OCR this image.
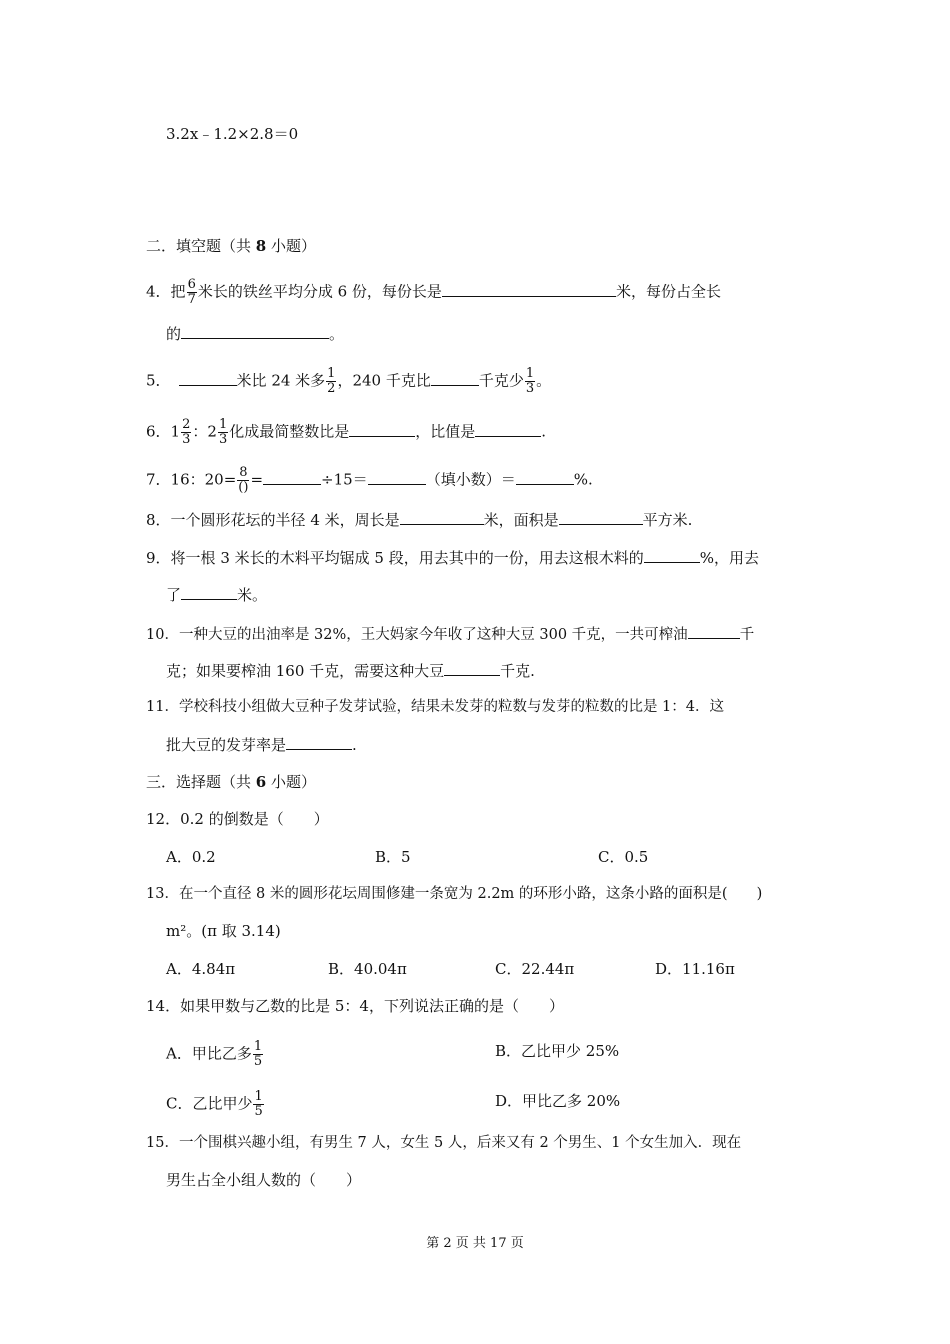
3.2x﹣1.2×2.8＝0
二．填空题（共 8 小题）
4．把 $\frac{6}{7}$ 米长的铁丝平均分成 6 份，每份长是	米，每份占全长
的	。
5．	米比 24 米多 $\frac{1}{2}$ ，240 千克比	千克少 $\frac{1}{3}$ 。
6．$1 \frac{2}{3}$ ：$2 \frac{1}{3}$ 化成最简整数比是	，比值是	.
7．16：$20= \frac{8}{()}$ =	÷15＝	（填小数）＝	%.
8．一个圆形花坛的半径 4 米，周长是	米，面积是	平方米.
9．将一根 3 米长的木料平均锯成 5 段，用去其中的一份，用去这根木料的	%，用去
了	米。
10．一种大豆的出油率是 32%，王大妈家今年收了这种大豆 300 千克，一共可榨油	千
克；如果要榨油 160 千克，需要这种大豆	千克.
11．学校科技小组做大豆种子发芽试验，结果未发芽的粒数与发芽的粒数的比是 1：4．这
批大豆的发芽率是	.
三．选择题（共 6 小题）
12．0.2 的倒数是（　　）
A．0.2	B．5	C．0.5
13．在一个直径 8 米的圆形花坛周围修建一条宽为 2.2m 的环形小路，这条小路的面积是(　　)
m²。(π 取 3.14)
A．4.84π	B．40.04π	C．22.44π	D．11.16π
14．如果甲数与乙数的比是 5：4，下列说法正确的是（　　）
A．甲比乙多 $\frac{1}{5}$	B．乙比甲少 25%
C．乙比甲少 $\frac{1}{5}$	D．甲比乙多 20%
15．一个围棋兴趣小组，有男生 7 人，女生 5 人，后来又有 2 个男生、1 个女生加入．现在
男生占全小组人数的（　　）
第 2 页 共 17 页
